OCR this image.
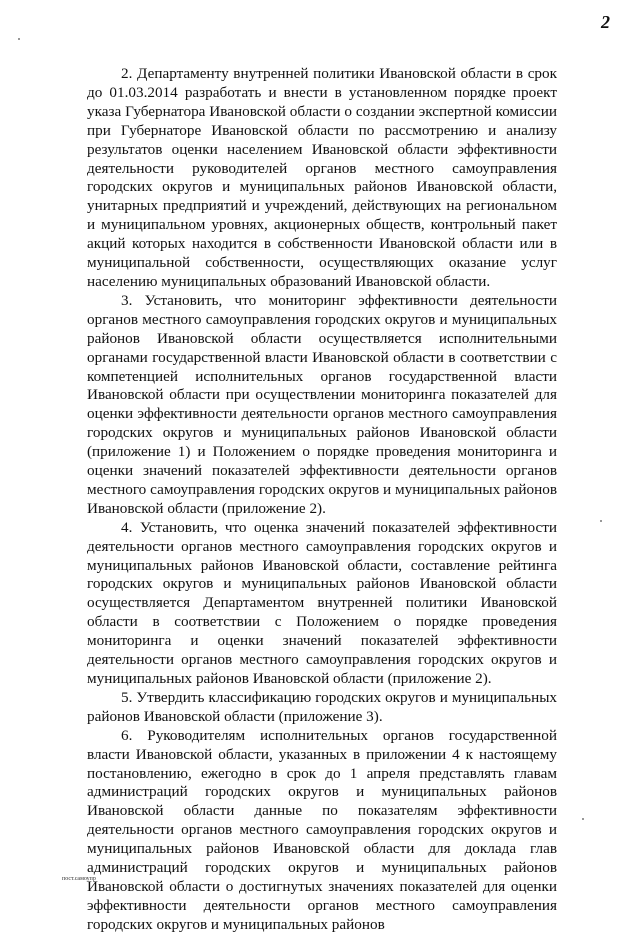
2

2. Департаменту внутренней политики Ивановской области в срок до 01.03.2014 разработать и внести в установленном порядке проект указа Губернатора Ивановской области о создании экспертной комиссии при Губернаторе Ивановской области по рассмотрению и анализу результатов оценки населением Ивановской области эффективности деятельности руководителей органов местного самоуправления городских округов и муниципальных районов Ивановской области, унитарных предприятий и учреждений, действующих на региональном и муниципальном уровнях, акционерных обществ, контрольный пакет акций которых находится в собственности Ивановской области или в муниципальной собственности, осуществляющих оказание услуг населению муниципальных образований Ивановской области.

3. Установить, что мониторинг эффективности деятельности органов местного самоуправления городских округов и муниципальных районов Ивановской области осуществляется исполнительными органами государственной власти Ивановской области в соответствии с компетенцией исполнительных органов государственной власти Ивановской области при осуществлении мониторинга показателей для оценки эффективности деятельности органов местного самоуправления городских округов и муниципальных районов Ивановской области (приложение 1) и Положением о порядке проведения мониторинга и оценки значений показателей эффективности деятельности органов местного самоуправления городских округов и муниципальных районов Ивановской области (приложение 2).

4. Установить, что оценка значений показателей эффективности деятельности органов местного самоуправления городских округов и муниципальных районов Ивановской области, составление рейтинга городских округов и муниципальных районов Ивановской области осуществляется Департаментом внутренней политики Ивановской области в соответствии с Положением о порядке проведения мониторинга и оценки значений показателей эффективности деятельности органов местного самоуправления городских округов и муниципальных районов Ивановской области (приложение 2).

5. Утвердить классификацию городских округов и муниципальных районов Ивановской области (приложение 3).

6. Руководителям исполнительных органов государственной власти Ивановской области, указанных в приложении 4 к настоящему постановлению, ежегодно в срок до 1 апреля представлять главам администраций городских округов и муниципальных районов Ивановской области данные по показателям эффективности деятельности органов местного самоуправления городских округов и муниципальных районов Ивановской области для доклада глав администраций городских округов и муниципальных районов Ивановской области о достигнутых значениях показателей для оценки эффективности деятельности органов местного самоуправления городских округов и муниципальных районов

пост.самоупр
